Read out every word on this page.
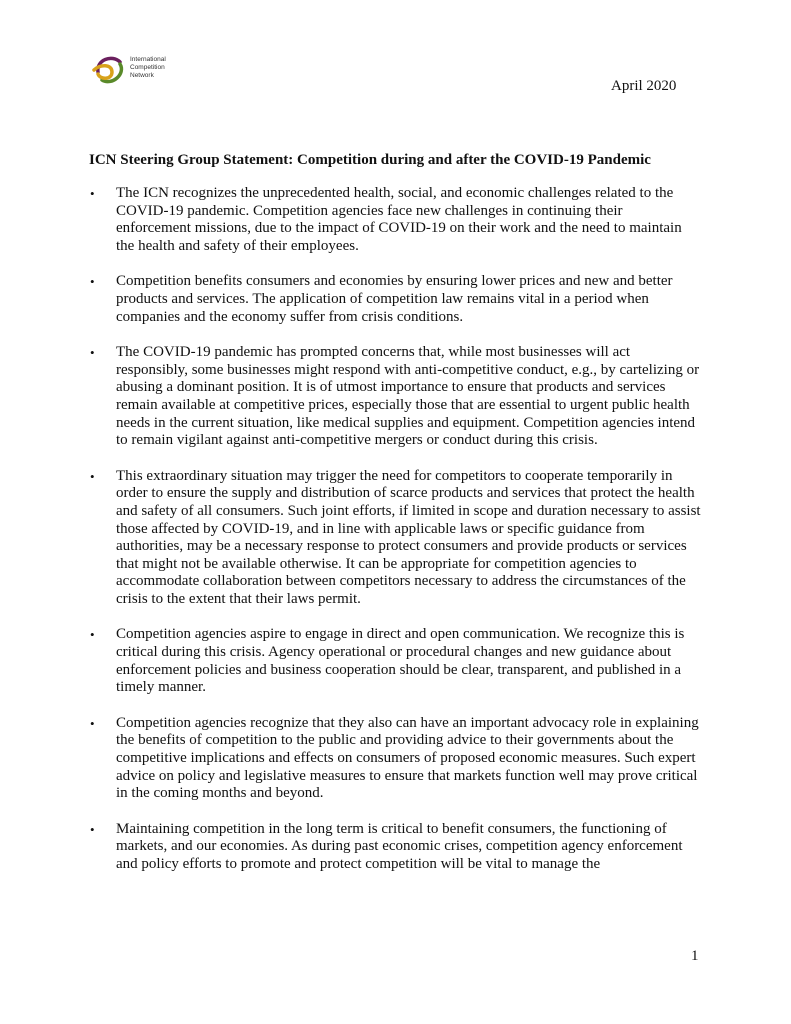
International
Competition
Network
April 2020
ICN Steering Group Statement: Competition during and after the COVID-19 Pandemic
• The ICN recognizes the unprecedented health, social, and economic challenges related to the COVID-19 pandemic. Competition agencies face new challenges in continuing their enforcement missions, due to the impact of COVID-19 on their work and the need to maintain the health and safety of their employees.
• Competition benefits consumers and economies by ensuring lower prices and new and better products and services. The application of competition law remains vital in a period when companies and the economy suffer from crisis conditions.
• The COVID-19 pandemic has prompted concerns that, while most businesses will act responsibly, some businesses might respond with anti-competitive conduct, e.g., by cartelizing or abusing a dominant position. It is of utmost importance to ensure that products and services remain available at competitive prices, especially those that are essential to urgent public health needs in the current situation, like medical supplies and equipment. Competition agencies intend to remain vigilant against anti-competitive mergers or conduct during this crisis.
• This extraordinary situation may trigger the need for competitors to cooperate temporarily in order to ensure the supply and distribution of scarce products and services that protect the health and safety of all consumers. Such joint efforts, if limited in scope and duration necessary to assist those affected by COVID-19, and in line with applicable laws or specific guidance from authorities, may be a necessary response to protect consumers and provide products or services that might not be available otherwise. It can be appropriate for competition agencies to accommodate collaboration between competitors necessary to address the circumstances of the crisis to the extent that their laws permit.
• Competition agencies aspire to engage in direct and open communication. We recognize this is critical during this crisis. Agency operational or procedural changes and new guidance about enforcement policies and business cooperation should be clear, transparent, and published in a timely manner.
• Competition agencies recognize that they also can have an important advocacy role in explaining the benefits of competition to the public and providing advice to their governments about the competitive implications and effects on consumers of proposed economic measures. Such expert advice on policy and legislative measures to ensure that markets function well may prove critical in the coming months and beyond.
• Maintaining competition in the long term is critical to benefit consumers, the functioning of markets, and our economies. As during past economic crises, competition agency enforcement and policy efforts to promote and protect competition will be vital to manage the
1
